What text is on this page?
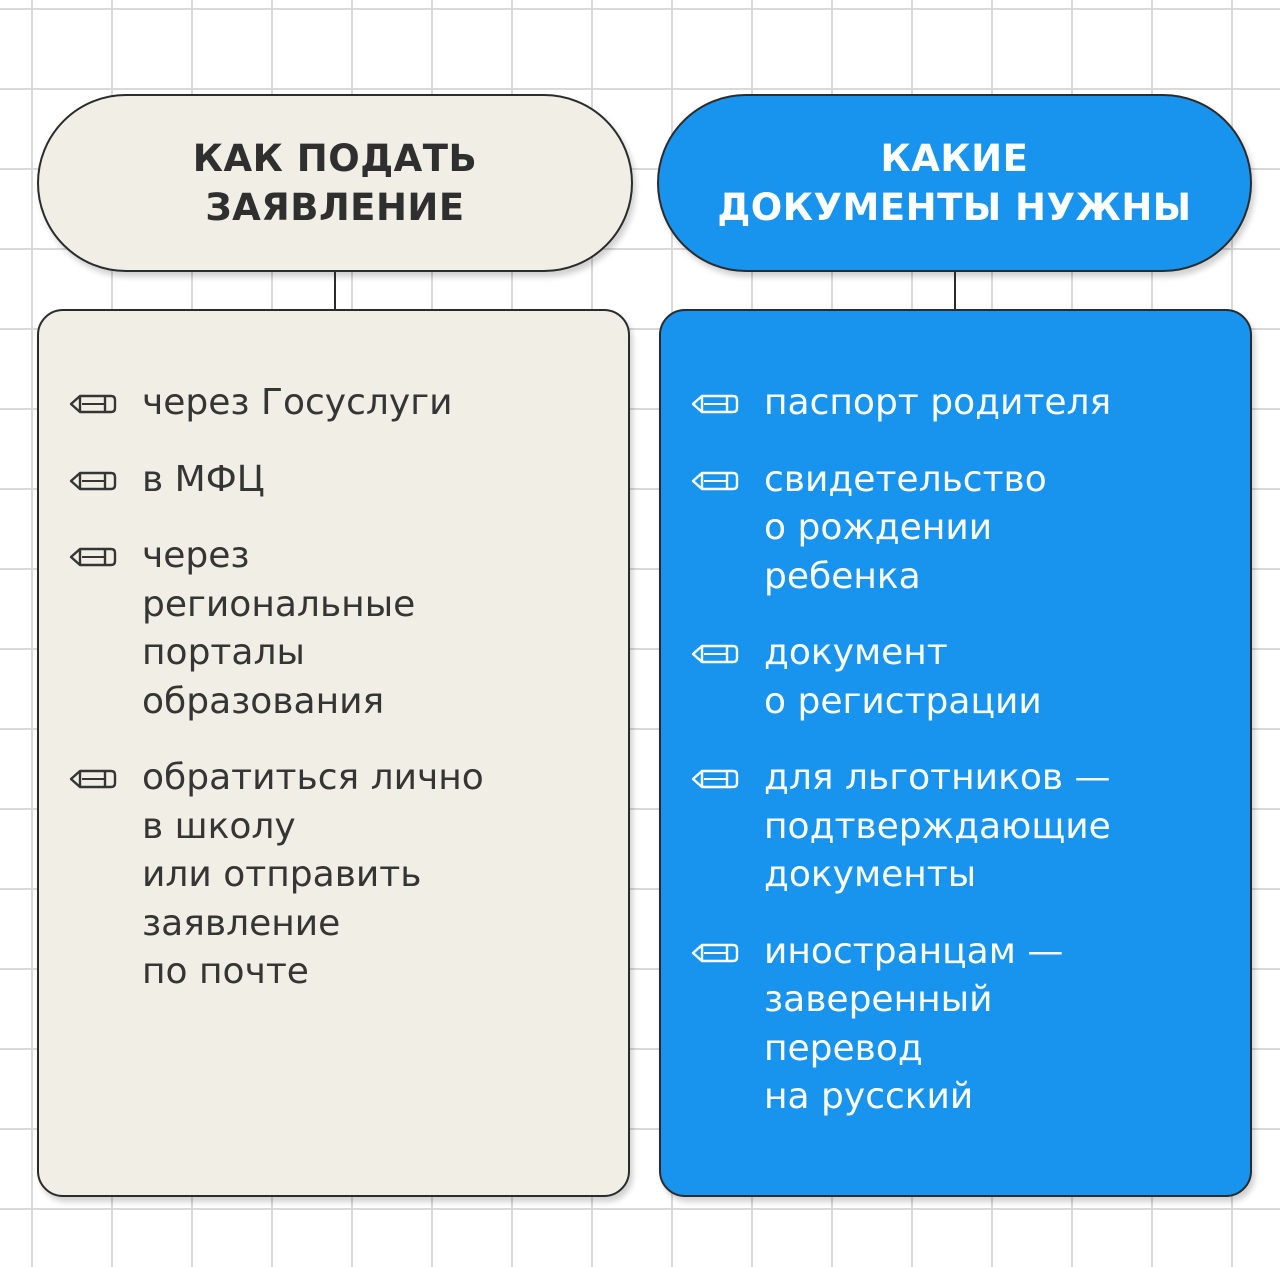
КАК ПОДАТЬ
ЗАЯВЛЕНИЕ
через Госуслуги
в МФЦ
через
региональные
порталы
образования
обратиться лично
в школу
или отправить
заявление
по почте
КАКИЕ
ДОКУМЕНТЫ НУЖНЫ
паспорт родителя
свидетельство
о рождении
ребенка
документ
о регистрации
для льготников —
подтверждающие
документы
иностранцам —
заверенный
перевод
на русский
